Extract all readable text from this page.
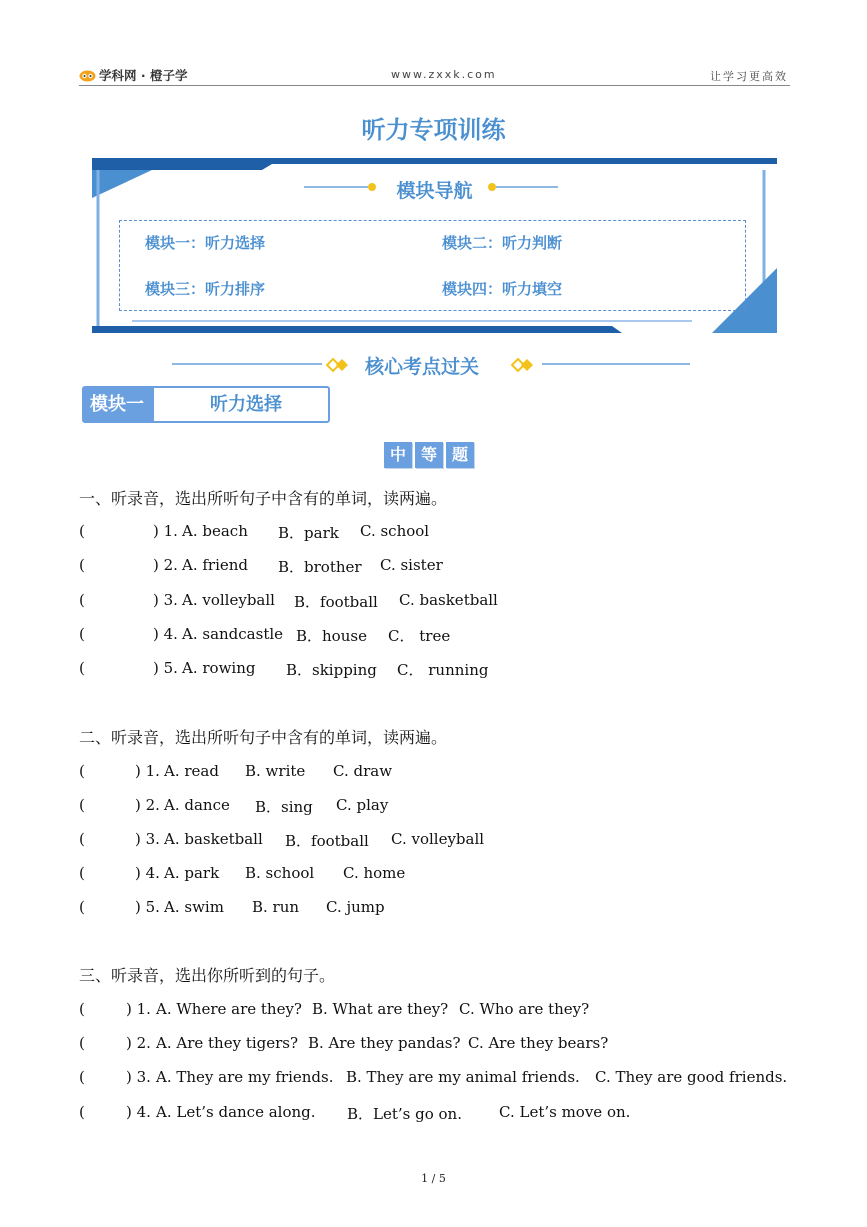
学科网 · 橙子学	www.zxxk.com	让学习更高效
听力专项训练
模块导航
模块一：听力选择	模块二：听力判断
模块三：听力排序	模块四：听力填空
核心考点过关
模块一	听力选择
中 等 题
一、听录音，选出所听句子中含有的单词，读两遍。
(	) 1. A. beach B．park C. school
(	) 2. A. friend B．brother C. sister
(	) 3. A. volleyball B．football C. basketball
(	) 4. A. sandcastle B．house C． tree
(	) 5. A. rowing B．skipping C． running
二、听录音，选出所听句子中含有的单词，读两遍。
(	) 1. A. read B. write C. draw
(	) 2. A. dance B．sing C. play
(	) 3. A. basketball B．football C. volleyball
(	) 4. A. park B. school C. home
(	) 5. A. swim B. run C. jump
三、听录音，选出你所听到的句子。
(	) 1. A. Where are they? B. What are they? C. Who are they?
(	) 2. A. Are they tigers? B. Are they pandas? C. Are they bears?
(	) 3. A. They are my friends. B. They are my animal friends. C. They are good friends.
(	) 4. A. Let’s dance along. B．Let’s go on. C. Let’s move on.
1 / 5
